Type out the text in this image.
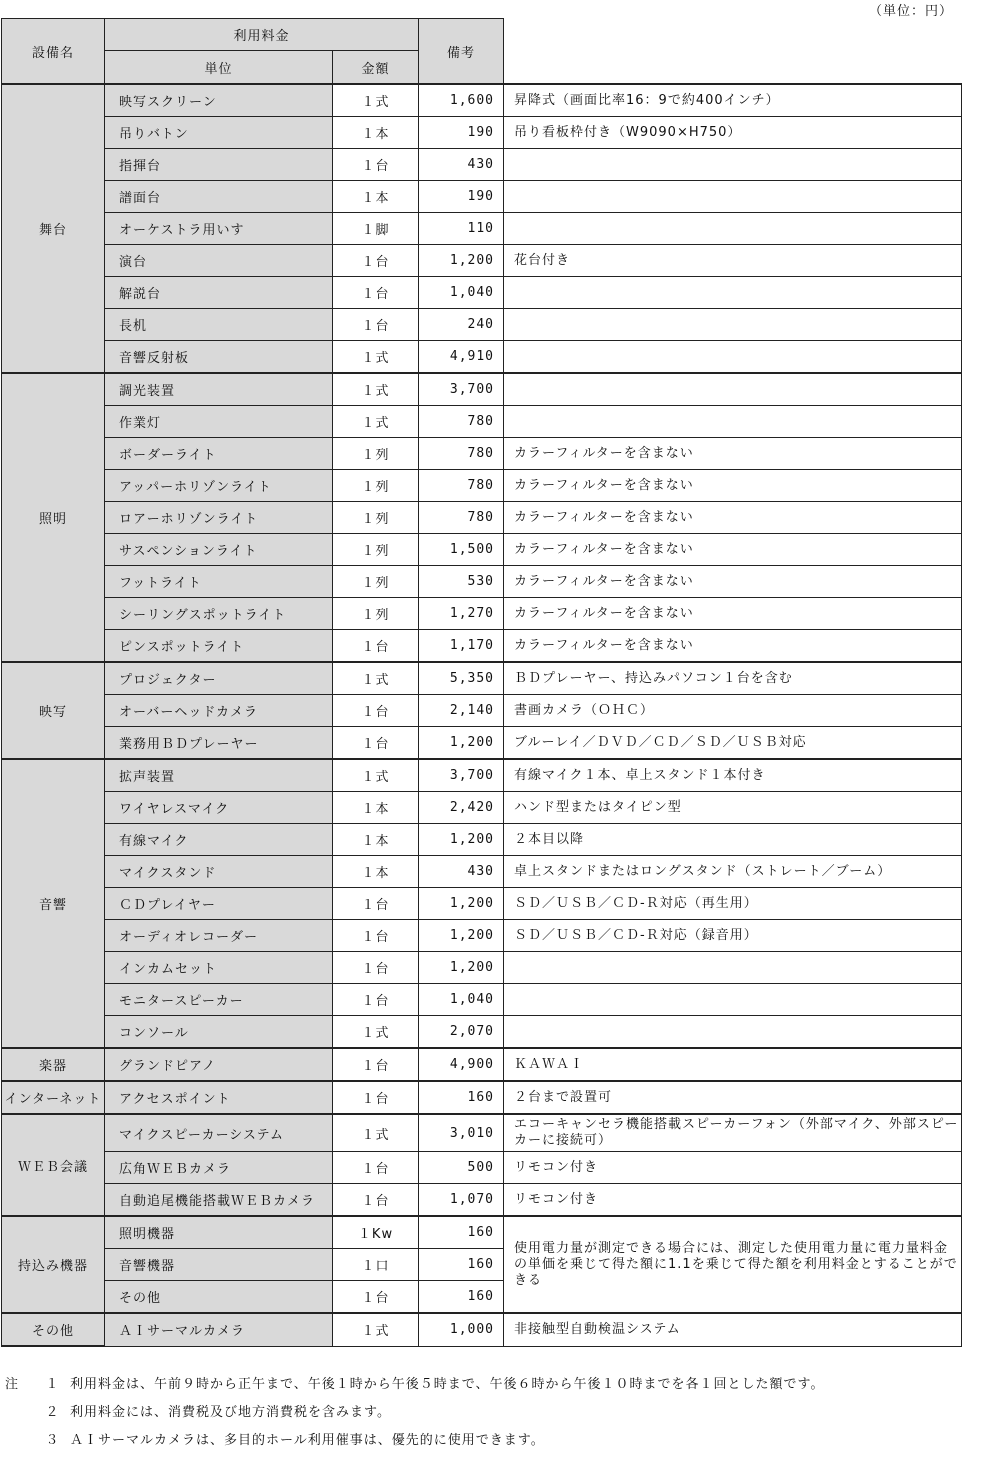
（単位：円）
設備名	利用料金		備考	
	単位	金額		
舞台	映写スクリーン	１式	1,600	昇降式（画面比率16：9で約400インチ）
	吊りバトン	１本	190	吊り看板枠付き（W9090×H750）
	指揮台	１台	430	
	譜面台	１本	190	
	オーケストラ用いす	１脚	110	
	演台	１台	1,200	花台付き
	解説台	１台	1,040	
	長机	１台	240	
	音響反射板	１式	4,910	
照明	調光装置	１式	3,700	
	作業灯	１式	780	
	ボーダーライト	１列	780	カラーフィルターを含まない
	アッパーホリゾンライト	１列	780	カラーフィルターを含まない
	ロアーホリゾンライト	１列	780	カラーフィルターを含まない
	サスペンションライト	１列	1,500	カラーフィルターを含まない
	フットライト	１列	530	カラーフィルターを含まない
	シーリングスポットライト	１列	1,270	カラーフィルターを含まない
	ピンスポットライト	１台	1,170	カラーフィルターを含まない
映写	プロジェクター	１式	5,350	ＢＤプレーヤー、持込みパソコン１台を含む
	オーバーヘッドカメラ	１台	2,140	書画カメラ（ＯＨＣ）
	業務用ＢＤプレーヤー	１台	1,200	ブルーレイ／ＤＶＤ／ＣＤ／ＳＤ／ＵＳＢ対応
音響	拡声装置	１式	3,700	有線マイク１本、卓上スタンド１本付き
	ワイヤレスマイク	１本	2,420	ハンド型またはタイピン型
	有線マイク	１本	1,200	２本目以降
	マイクスタンド	１本	430	卓上スタンドまたはロングスタンド（ストレート／ブーム）
	ＣＤプレイヤー	１台	1,200	ＳＤ／ＵＳＢ／ＣＤ-Ｒ対応（再生用）
	オーディオレコーダー	１台	1,200	ＳＤ／ＵＳＢ／ＣＤ-Ｒ対応（録音用）
	インカムセット	１台	1,200	
	モニタースピーカー	１台	1,040	
	コンソール	１式	2,070	
楽器	グランドピアノ	１台	4,900	ＫＡＷＡＩ
インターネット	アクセスポイント	１台	160	２台まで設置可
ＷＥＢ会議	マイクスピーカーシステム	１式	3,010	エコーキャンセラ機能搭載スピーカーフォン（外部マイク、外部スピーカーに接続可）
	広角ＷＥＢカメラ	１台	500	リモコン付き
	自動追尾機能搭載ＷＥＢカメラ	１台	1,070	リモコン付き
持込み機器	照明機器	１Kw	160	使用電力量が測定できる場合には、測定した使用電力量に電力量料金の単価を乗じて得た額に1.1を乗じて得た額を利用料金とすることができる
	音響機器	１口	160	
	その他	１台	160	
その他	ＡＩサーマルカメラ	１式	1,000	非接触型自動検温システム
注	１ 利用料金は、午前９時から正午まで、午後１時から午後５時まで、午後６時から午後１０時までを各１回とした額です。
２ 利用料金には、消費税及び地方消費税を含みます。
３ ＡＩサーマルカメラは、多目的ホール利用催事は、優先的に使用できます。
